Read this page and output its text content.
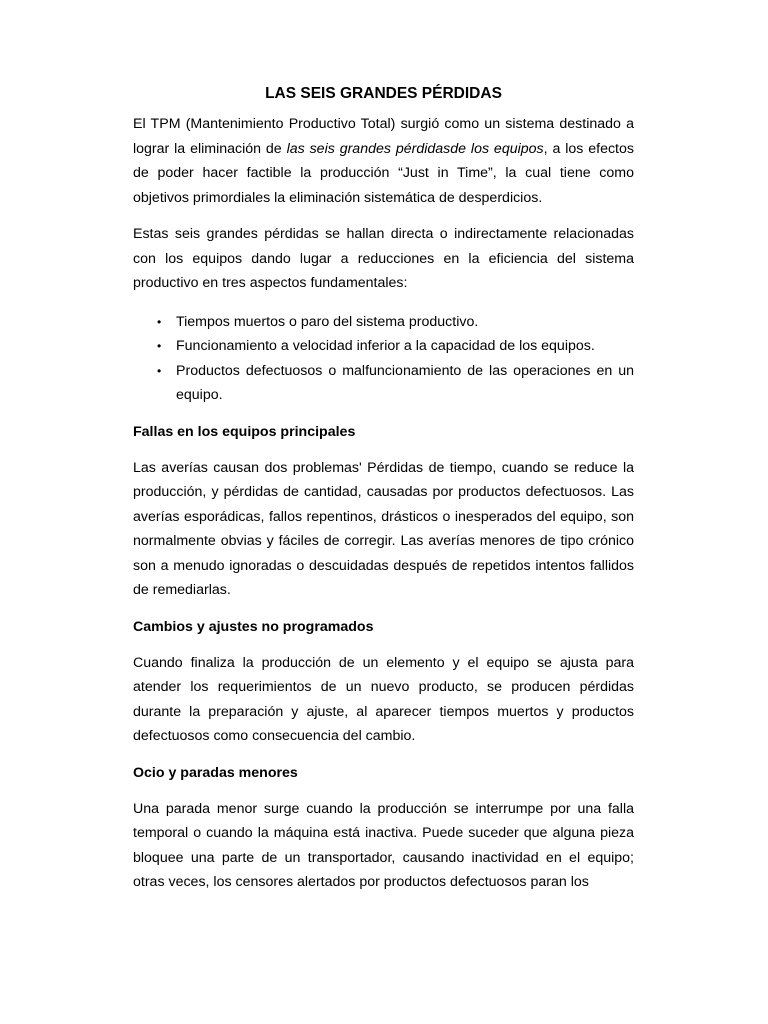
LAS SEIS GRANDES PÉRDIDAS

El TPM (Mantenimiento Productivo Total) surgió como un sistema destinado a lograr la eliminación de las seis grandes pérdidasde los equipos, a los efectos de poder hacer factible la producción “Just in Time”, la cual tiene como objetivos primordiales la eliminación sistemática de desperdicios.

Estas seis grandes pérdidas se hallan directa o indirectamente relacionadas con los equipos dando lugar a reducciones en la eficiencia del sistema productivo en tres aspectos fundamentales:

• Tiempos muertos o paro del sistema productivo.
• Funcionamiento a velocidad inferior a la capacidad de los equipos.
• Productos defectuosos o malfuncionamiento de las operaciones en un equipo.
Fallas en los equipos principales

Las averías causan dos problemas' Pérdidas de tiempo, cuando se reduce la producción, y pérdidas de cantidad, causadas por productos defectuosos. Las averías esporádicas, fallos repentinos, drásticos o inesperados del equipo, son normalmente obvias y fáciles de corregir. Las averías menores de tipo crónico son a menudo ignoradas o descuidadas después de repetidos intentos fallidos de remediarlas.

Cambios y ajustes no programados

Cuando finaliza la producción de un elemento y el equipo se ajusta para atender los requerimientos de un nuevo producto, se producen pérdidas durante la preparación y ajuste, al aparecer tiempos muertos y productos defectuosos como consecuencia del cambio.

Ocio y paradas menores

Una parada menor surge cuando la producción se interrumpe por una falla temporal o cuando la máquina está inactiva. Puede suceder que alguna pieza bloquee una parte de un transportador, causando inactividad en el equipo; otras veces, los censores alertados por productos defectuosos paran los
